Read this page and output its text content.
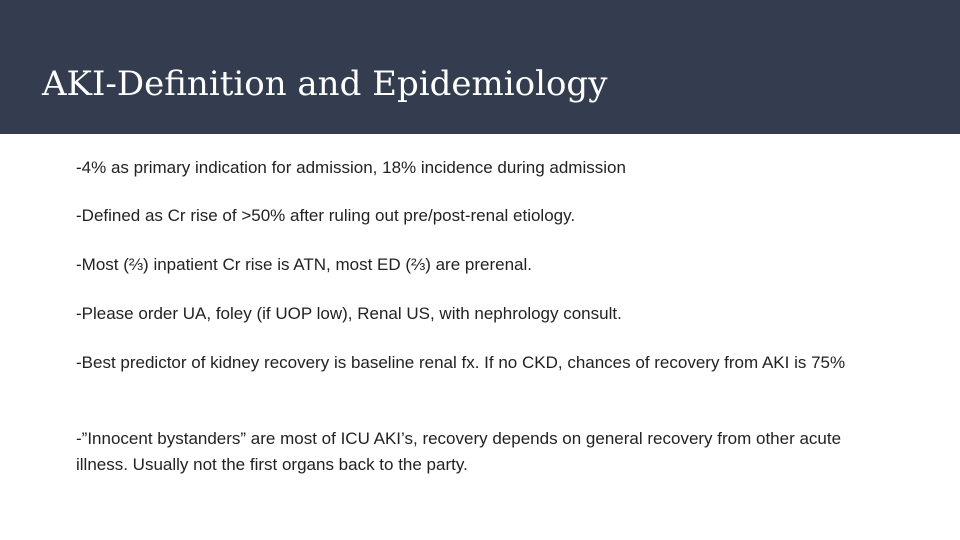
AKI-Definition and Epidemiology

-4% as primary indication for admission, 18% incidence during admission

-Defined as Cr rise of >50% after ruling out pre/post-renal etiology.

-Most (⅔) inpatient Cr rise is ATN, most ED (⅔) are prerenal.

-Please order UA, foley (if UOP low), Renal US, with nephrology consult.

-Best predictor of kidney recovery is baseline renal fx. If no CKD, chances of recovery from AKI is 75%

-”Innocent bystanders” are most of ICU AKI’s, recovery depends on general recovery from other acute illness. Usually not the first organs back to the party.
